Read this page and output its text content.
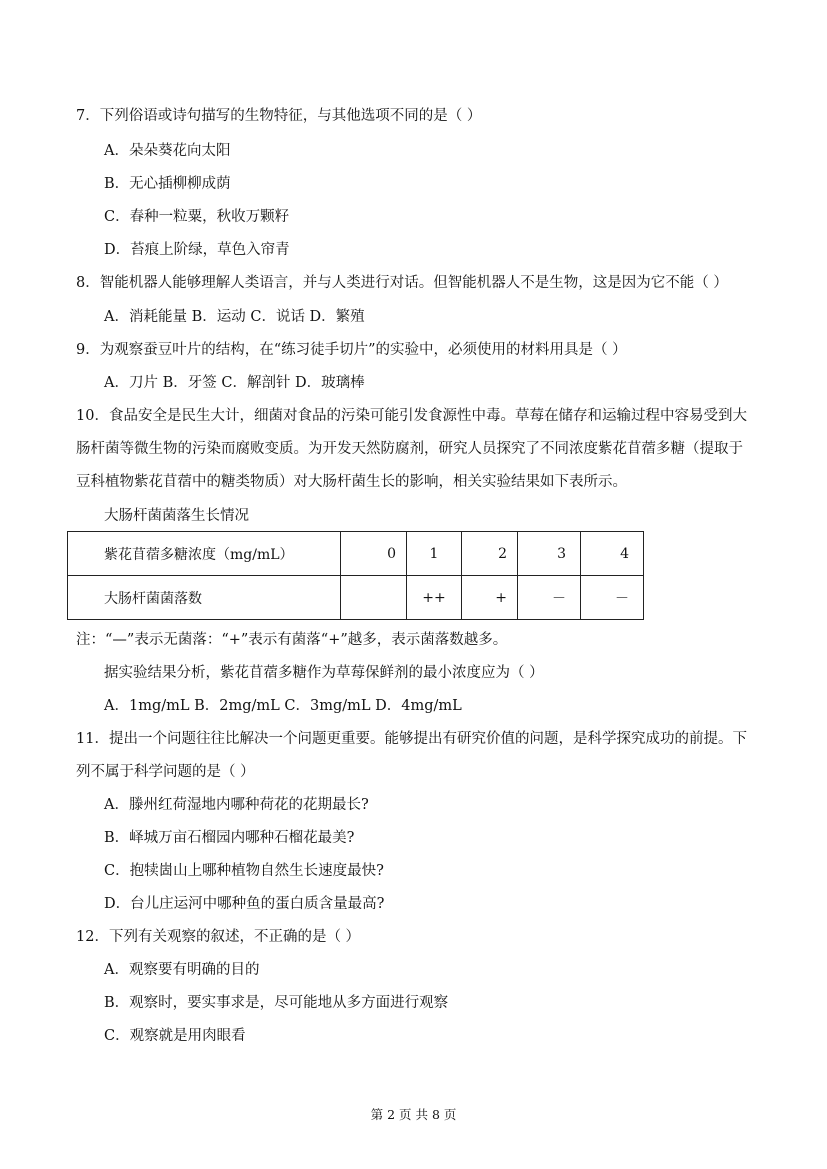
7．下列俗语或诗句描写的生物特征，与其他选项不同的是（ ）
A．朵朵葵花向太阳
B．无心插柳柳成荫
C．春种一粒粟，秋收万颗籽
D．苔痕上阶绿，草色入帘青
8．智能机器人能够理解人类语言，并与人类进行对话。但智能机器人不是生物，这是因为它不能（ ）
A．消耗能量 B．运动 C．说话 D．繁殖
9．为观察蚕豆叶片的结构，在“练习徒手切片”的实验中，必须使用的材料用具是（ ）
A．刀片 B．牙签 C．解剖针 D．玻璃棒
10．食品安全是民生大计，细菌对食品的污染可能引发食源性中毒。草莓在储存和运输过程中容易受到大
肠杆菌等微生物的污染而腐败变质。为开发天然防腐剂，研究人员探究了不同浓度紫花苜蓿多糖（提取于
豆科植物紫花苜蓿中的糖类物质）对大肠杆菌生长的影响，相关实验结果如下表所示。
大肠杆菌菌落生长情况
紫花苜蓿多糖浓度（mg/mL）	0	1	2	3	4
大肠杆菌菌落数		++	+	－	－
注：“—”表示无菌落：“+”表示有菌落“+”越多，表示菌落数越多。
据实验结果分析，紫花苜蓿多糖作为草莓保鲜剂的最小浓度应为（ ）
A．1mg/mL B．2mg/mL C．3mg/mL D．4mg/mL
11．提出一个问题往往比解决一个问题更重要。能够提出有研究价值的问题，是科学探究成功的前提。下
列不属于科学问题的是（ ）
A．滕州红荷湿地内哪种荷花的花期最长?
B．峄城万亩石榴园内哪种石榴花最美?
C．抱犊崮山上哪种植物自然生长速度最快?
D．台儿庄运河中哪种鱼的蛋白质含量最高?
12．下列有关观察的叙述，不正确的是（ ）
A．观察要有明确的目的
B．观察时，要实事求是，尽可能地从多方面进行观察
C．观察就是用肉眼看
第 2 页 共 8 页
